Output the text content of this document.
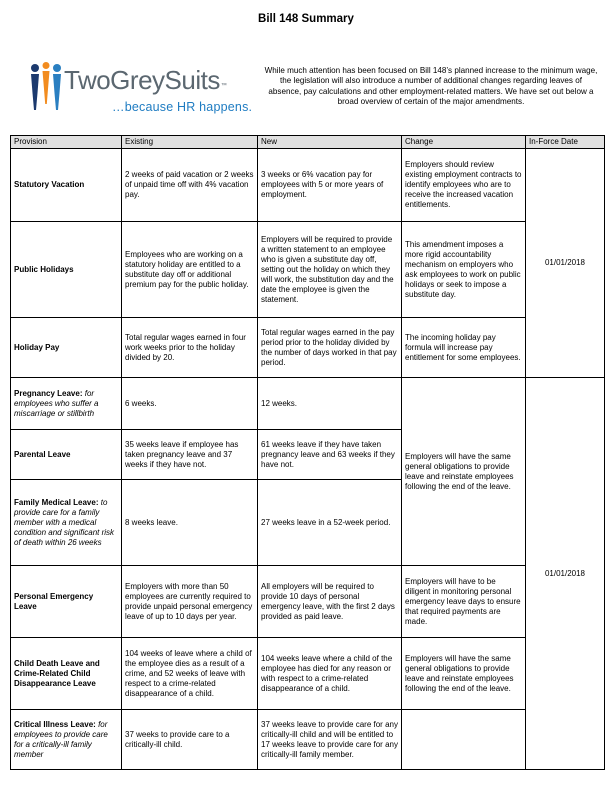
Bill 148 Summary
TwoGreySuits™
…because HR happens.
While much attention has been focused on Bill 148’s planned increase to the minimum wage, the legislation will also introduce a number of additional changes regarding leaves of absence, pay calculations and other employment-related matters. We have set out below a broad overview of certain of the major amendments.
Provision	Existing	New	Change	In-Force Date
Statutory Vacation	2 weeks of paid vacation or 2 weeks of unpaid time off with 4% vacation pay.	3 weeks or 6% vacation pay for employees with 5 or more years of employment.	Employers should review existing employment contracts to identify employees who are to receive the increased vacation entitlements.	01/01/2018
Public Holidays	Employees who are working on a statutory holiday are entitled to a substitute day off or additional premium pay for the public holiday.	Employers will be required to provide a written statement to an employee who is given a substitute day off, setting out the holiday on which they will work, the substitution day and the date the employee is given the statement.	This amendment imposes a more rigid accountability mechanism on employers who ask employees to work on public holidays or seek to impose a substitute day.	
Holiday Pay	Total regular wages earned in four work weeks prior to the holiday divided by 20.	Total regular wages earned in the pay period prior to the holiday divided by the number of days worked in that pay period.	The incoming holiday pay formula will increase pay entitlement for some employees.	
Pregnancy Leave: for employees who suffer a miscarriage or stillbirth	6 weeks.	12 weeks.	Employers will have the same general obligations to provide leave and reinstate employees following the end of the leave.	01/01/2018
Parental Leave	35 weeks leave if employee has taken pregnancy leave and 37 weeks if they have not.	61 weeks leave if they have taken pregnancy leave and 63 weeks if they have not.		
Family Medical Leave: to provide care for a family member with a medical condition and significant risk of death within 26 weeks	8 weeks leave.	27 weeks leave in a 52-week period.		
Personal Emergency Leave	Employers with more than 50 employees are currently required to provide unpaid personal emergency leave of up to 10 days per year.	All employers will be required to provide 10 days of personal emergency leave, with the first 2 days provided as paid leave.	Employers will have to be diligent in monitoring personal emergency leave days to ensure that required payments are made.	
Child Death Leave and Crime-Related Child Disappearance Leave	104 weeks of leave where a child of the employee dies as a result of a crime, and 52 weeks of leave with respect to a crime-related disappearance of a child.	104 weeks leave where a child of the employee has died for any reason or with respect to a crime-related disappearance of a child.	Employers will have the same general obligations to provide leave and reinstate employees following the end of the leave.	
Critical Illness Leave: for employees to provide care for a critically-ill family member	37 weeks to provide care to a critically-ill child.	37 weeks leave to provide care for any critically-ill child and will be entitled to 17 weeks leave to provide care for any critically-ill family member.		
